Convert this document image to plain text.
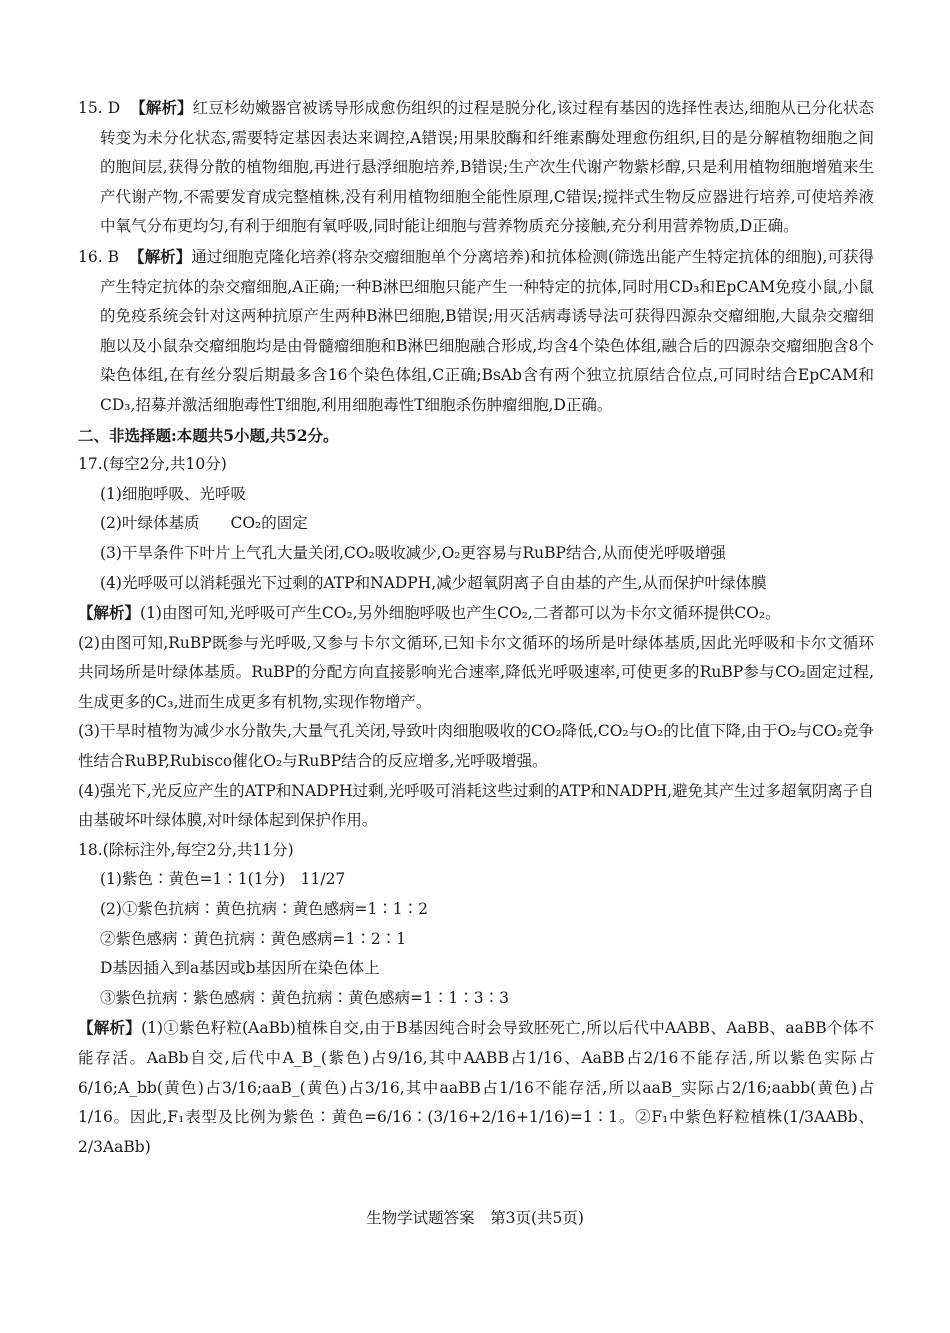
15. D 【解析】红豆杉幼嫩器官被诱导形成愈伤组织的过程是脱分化,该过程有基因的选择性表达,细胞从已分化状态转变为未分化状态,需要特定基因表达来调控,A错误;用果胶酶和纤维素酶处理愈伤组织,目的是分解植物细胞之间的胞间层,获得分散的植物细胞,再进行悬浮细胞培养,B错误;生产次生代谢产物紫杉醇,只是利用植物细胞增殖来生产代谢产物,不需要发育成完整植株,没有利用植物细胞全能性原理,C错误;搅拌式生物反应器进行培养,可使培养液中氧气分布更均匀,有利于细胞有氧呼吸,同时能让细胞与营养物质充分接触,充分利用营养物质,D正确。

16. B 【解析】通过细胞克隆化培养(将杂交瘤细胞单个分离培养)和抗体检测(筛选出能产生特定抗体的细胞),可获得产生特定抗体的杂交瘤细胞,A正确;一种B淋巴细胞只能产生一种特定的抗体,同时用CD₃和EpCAM免疫小鼠,小鼠的免疫系统会针对这两种抗原产生两种B淋巴细胞,B错误;用灭活病毒诱导法可获得四源杂交瘤细胞,大鼠杂交瘤细胞以及小鼠杂交瘤细胞均是由骨髓瘤细胞和B淋巴细胞融合形成,均含4个染色体组,融合后的四源杂交瘤细胞含8个染色体组,在有丝分裂后期最多含16个染色体组,C正确;BsAb含有两个独立抗原结合位点,可同时结合EpCAM和CD₃,招募并激活细胞毒性T细胞,利用细胞毒性T细胞杀伤肿瘤细胞,D正确。

二、非选择题:本题共5小题,共52分。

17.(每空2分,共10分)

(1)细胞呼吸、光呼吸

(2)叶绿体基质　　CO₂的固定

(3)干旱条件下叶片上气孔大量关闭,CO₂吸收减少,O₂更容易与RuBP结合,从而使光呼吸增强

(4)光呼吸可以消耗强光下过剩的ATP和NADPH,减少超氧阴离子自由基的产生,从而保护叶绿体膜

【解析】(1)由图可知,光呼吸可产生CO₂,另外细胞呼吸也产生CO₂,二者都可以为卡尔文循环提供CO₂。

(2)由图可知,RuBP既参与光呼吸,又参与卡尔文循环,已知卡尔文循环的场所是叶绿体基质,因此光呼吸和卡尔文循环共同场所是叶绿体基质。RuBP的分配方向直接影响光合速率,降低光呼吸速率,可使更多的RuBP参与CO₂固定过程,生成更多的C₃,进而生成更多有机物,实现作物增产。

(3)干旱时植物为减少水分散失,大量气孔关闭,导致叶肉细胞吸收的CO₂降低,CO₂与O₂的比值下降,由于O₂与CO₂竞争性结合RuBP,Rubisco催化O₂与RuBP结合的反应增多,光呼吸增强。

(4)强光下,光反应产生的ATP和NADPH过剩,光呼吸可消耗这些过剩的ATP和NADPH,避免其产生过多超氧阴离子自由基破坏叶绿体膜,对叶绿体起到保护作用。

18.(除标注外,每空2分,共11分)

(1)紫色∶黄色=1∶1(1分)　11/27

(2)①紫色抗病∶黄色抗病∶黄色感病=1∶1∶2

②紫色感病∶黄色抗病∶黄色感病=1∶2∶1

D基因插入到a基因或b基因所在染色体上

③紫色抗病∶紫色感病∶黄色抗病∶黄色感病=1∶1∶3∶3

【解析】(1)①紫色籽粒(AaBb)植株自交,由于B基因纯合时会导致胚死亡,所以后代中AABB、AaBB、aaBB个体不能存活。AaBb自交,后代中A_B_(紫色)占9/16,其中AABB占1/16、AaBB占2/16不能存活,所以紫色实际占6/16;A_bb(黄色)占3/16;aaB_(黄色)占3/16,其中aaBB占1/16不能存活,所以aaB_实际占2/16;aabb(黄色)占1/16。因此,F₁表型及比例为紫色∶黄色=6/16∶(3/16+2/16+1/16)=1∶1。②F₁中紫色籽粒植株(1/3AABb、2/3AaBb)

生物学试题答案　第3页(共5页)
